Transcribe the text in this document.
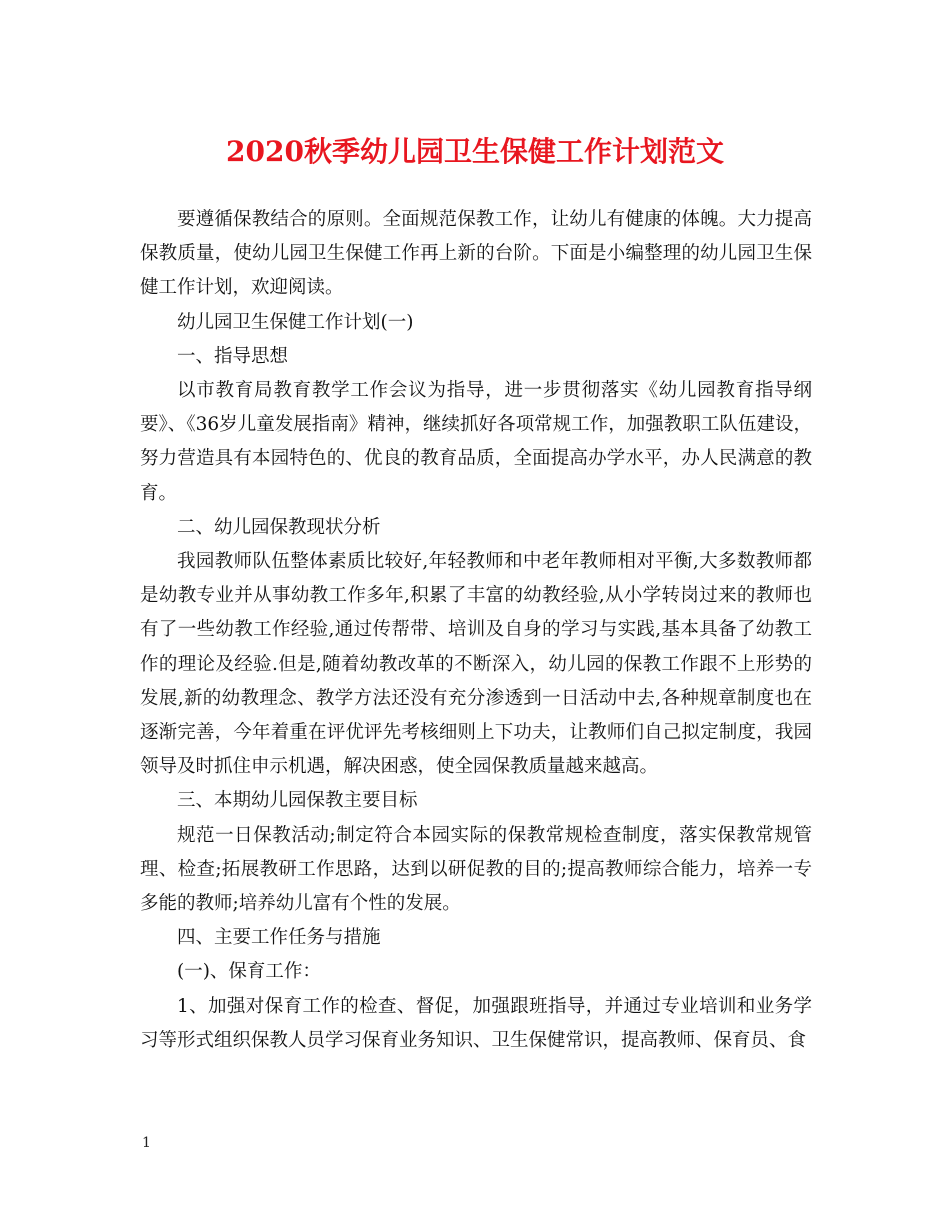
2020秋季幼儿园卫生保健工作计划范文

要遵循保教结合的原则。全面规范保教工作，让幼儿有健康的体魄。大力提高保教质量，使幼儿园卫生保健工作再上新的台阶。下面是小编整理的幼儿园卫生保健工作计划，欢迎阅读。

幼儿园卫生保健工作计划(一)

一、指导思想

以市教育局教育教学工作会议为指导，进一步贯彻落实《幼儿园教育指导纲要》、《36岁儿童发展指南》精神，继续抓好各项常规工作，加强教职工队伍建设，努力营造具有本园特色的、优良的教育品质，全面提高办学水平，办人民满意的教育。

二、幼儿园保教现状分析

我园教师队伍整体素质比较好,年轻教师和中老年教师相对平衡,大多数教师都是幼教专业并从事幼教工作多年,积累了丰富的幼教经验,从小学转岗过来的教师也有了一些幼教工作经验,通过传帮带、培训及自身的学习与实践,基本具备了幼教工作的理论及经验.但是,随着幼教改革的不断深入，幼儿园的保教工作跟不上形势的发展,新的幼教理念、教学方法还没有充分渗透到一日活动中去,各种规章制度也在逐渐完善，今年着重在评优评先考核细则上下功夫，让教师们自己拟定制度，我园领导及时抓住申示机遇，解决困惑，使全园保教质量越来越高。

三、本期幼儿园保教主要目标

规范一日保教活动;制定符合本园实际的保教常规检查制度，落实保教常规管理、检查;拓展教研工作思路，达到以研促教的目的;提高教师综合能力，培养一专多能的教师;培养幼儿富有个性的发展。

四、主要工作任务与措施

(一)、保育工作：

1、加强对保育工作的检查、督促，加强跟班指导，并通过专业培训和业务学习等形式组织保教人员学习保育业务知识、卫生保健常识，提高教师、保育员、食

1
